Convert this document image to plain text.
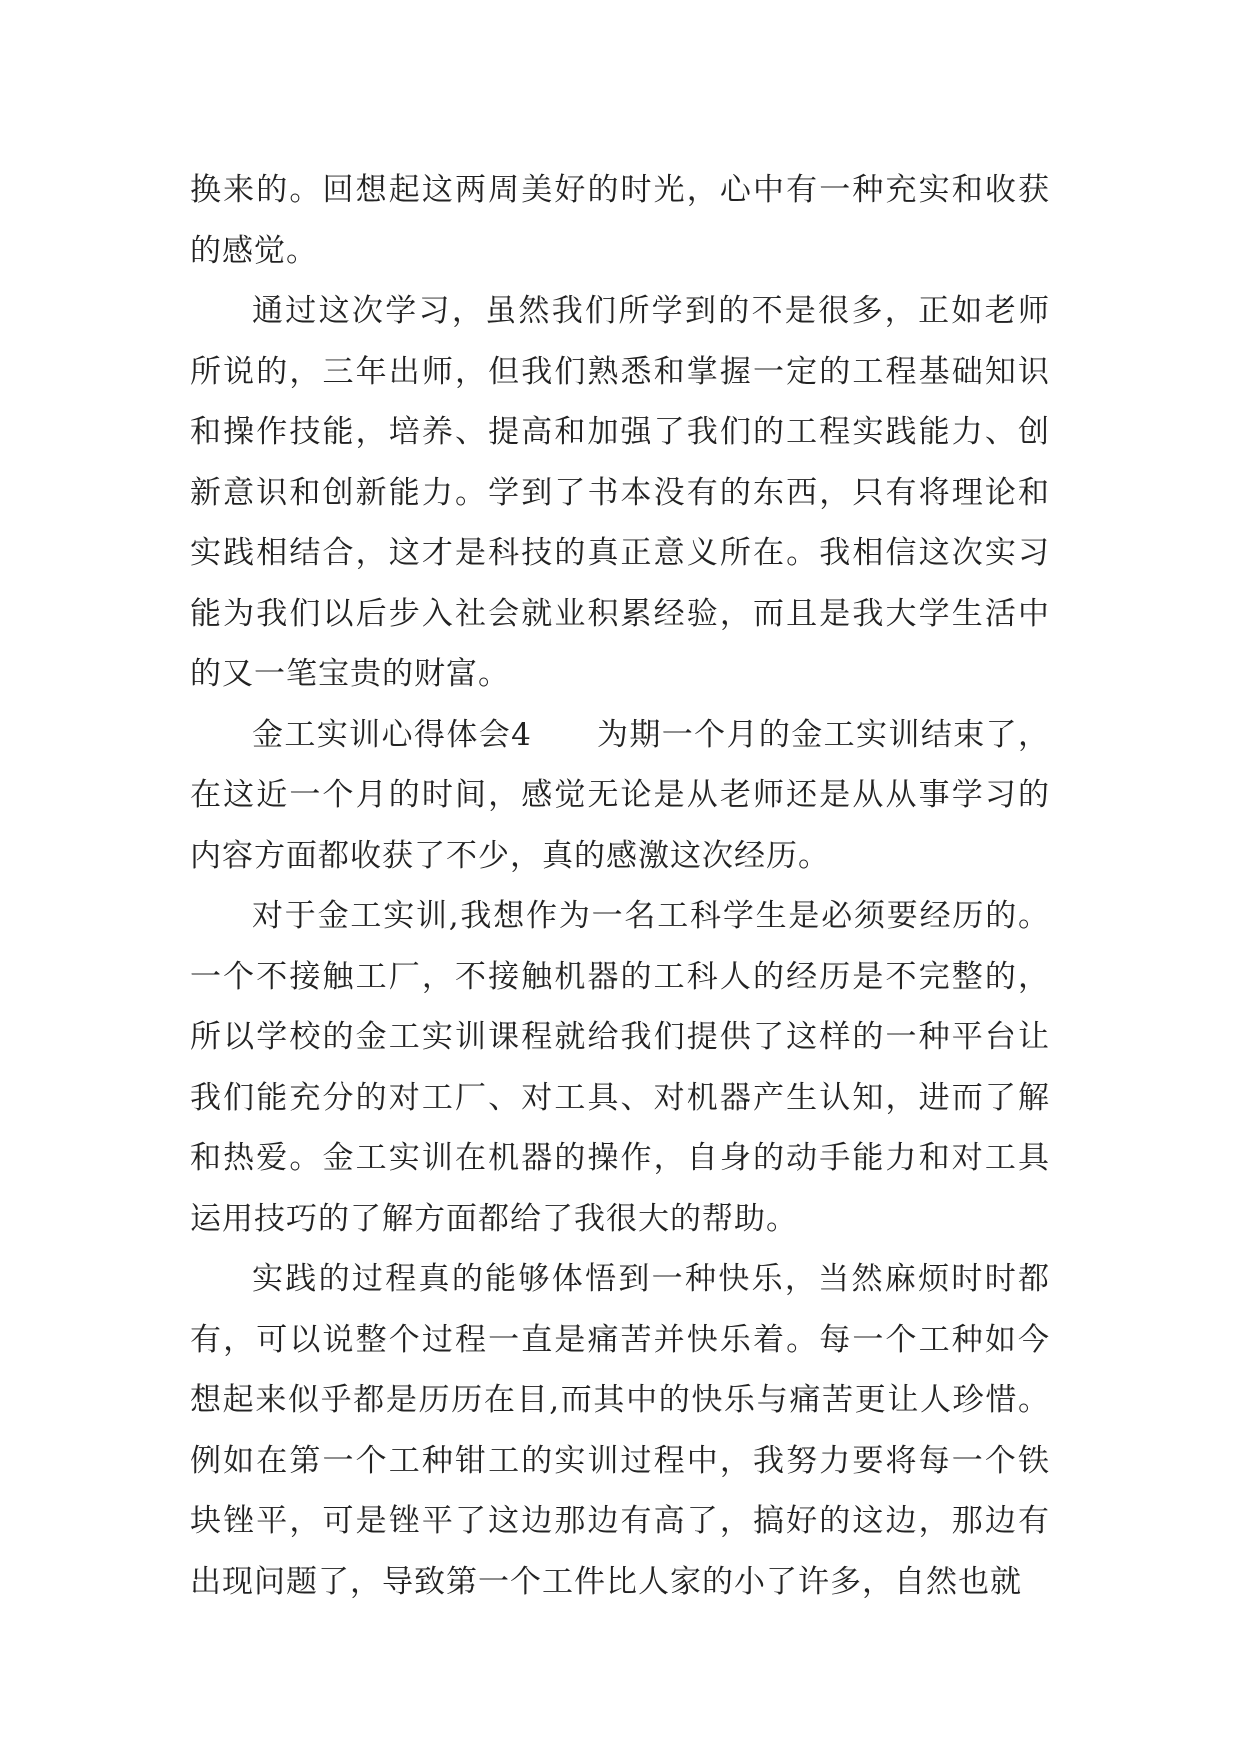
换来的。回想起这两周美好的时光，心中有一种充实和收获的感觉。

通过这次学习，虽然我们所学到的不是很多，正如老师所说的，三年出师，但我们熟悉和掌握一定的工程基础知识和操作技能，培养、提高和加强了我们的工程实践能力、创新意识和创新能力。学到了书本没有的东西，只有将理论和实践相结合，这才是科技的真正意义所在。我相信这次实习能为我们以后步入社会就业积累经验，而且是我大学生活中的又一笔宝贵的财富。

金工实训心得体会4　　为期一个月的金工实训结束了，在这近一个月的时间，感觉无论是从老师还是从从事学习的内容方面都收获了不少，真的感激这次经历。

对于金工实训,我想作为一名工科学生是必须要经历的。一个不接触工厂，不接触机器的工科人的经历是不完整的，所以学校的金工实训课程就给我们提供了这样的一种平台让我们能充分的对工厂、对工具、对机器产生认知，进而了解和热爱。金工实训在机器的操作，自身的动手能力和对工具运用技巧的了解方面都给了我很大的帮助。

实践的过程真的能够体悟到一种快乐，当然麻烦时时都有，可以说整个过程一直是痛苦并快乐着。每一个工种如今想起来似乎都是历历在目,而其中的快乐与痛苦更让人珍惜。例如在第一个工种钳工的实训过程中，我努力要将每一个铁块锉平，可是锉平了这边那边有高了，搞好的这边，那边有出现问题了，导致第一个工件比人家的小了许多，自然也就
